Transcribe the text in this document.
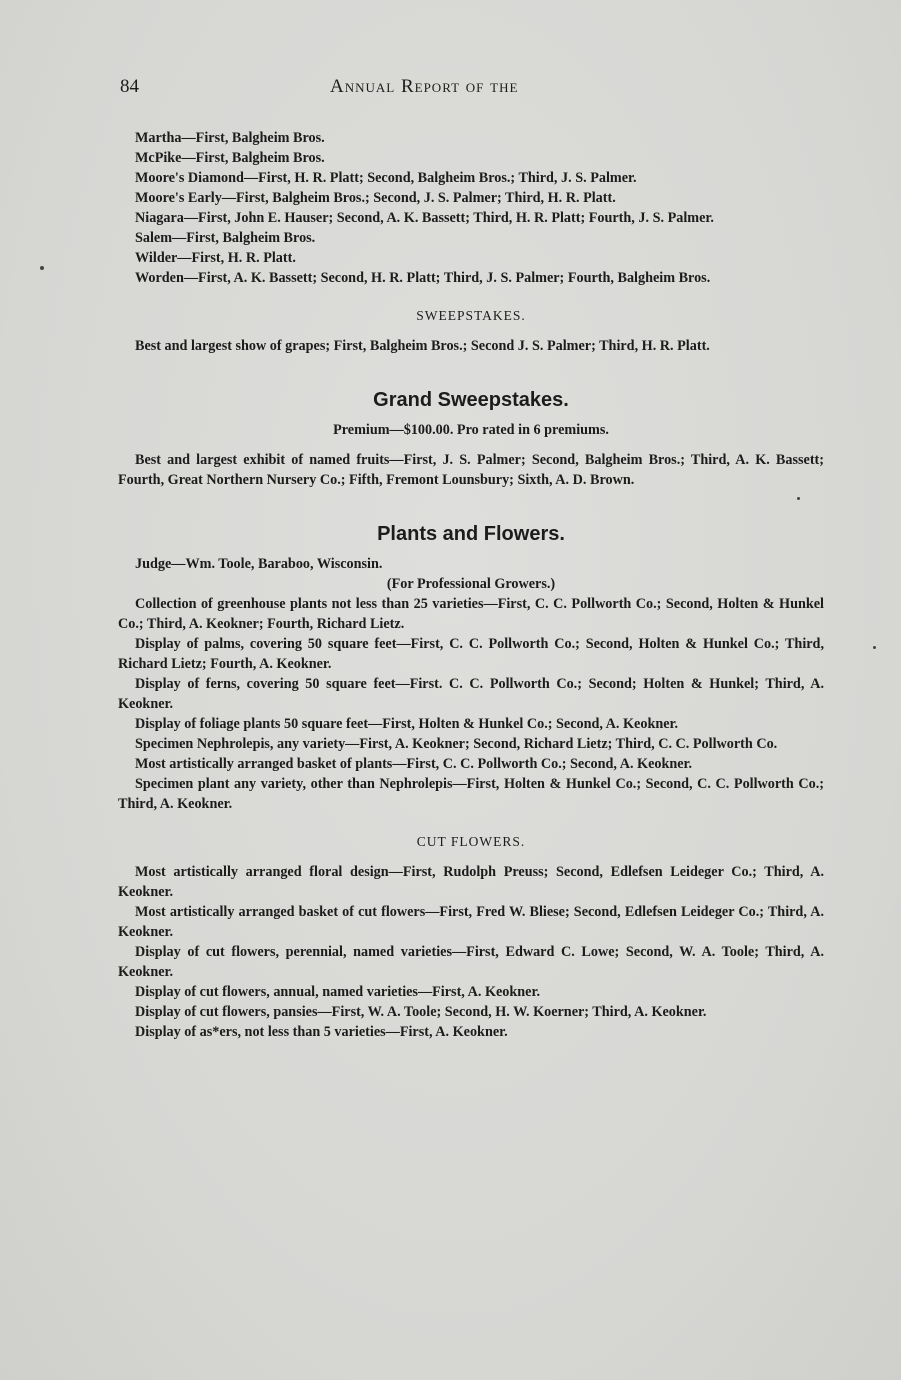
84	Annual Report of the

Martha—First, Balgheim Bros.

McPike—First, Balgheim Bros.

Moore's Diamond—First, H. R. Platt; Second, Balgheim Bros.; Third, J. S. Palmer.

Moore's Early—First, Balgheim Bros.; Second, J. S. Palmer; Third, H. R. Platt.

Niagara—First, John E. Hauser; Second, A. K. Bassett; Third, H. R. Platt; Fourth, J. S. Palmer.

Salem—First, Balgheim Bros.

Wilder—First, H. R. Platt.

Worden—First, A. K. Bassett; Second, H. R. Platt; Third, J. S. Palmer; Fourth, Balgheim Bros.

SWEEPSTAKES.

Best and largest show of grapes; First, Balgheim Bros.; Second J. S. Palmer; Third, H. R. Platt.

Grand Sweepstakes.

Premium—$100.00. Pro rated in 6 premiums.

Best and largest exhibit of named fruits—First, J. S. Palmer; Second, Balgheim Bros.; Third, A. K. Bassett; Fourth, Great Northern Nursery Co.; Fifth, Fremont Lounsbury; Sixth, A. D. Brown.

Plants and Flowers.

Judge—Wm. Toole, Baraboo, Wisconsin.

(For Professional Growers.)

Collection of greenhouse plants not less than 25 varieties—First, C. C. Pollworth Co.; Second, Holten & Hunkel Co.; Third, A. Keokner; Fourth, Richard Lietz.

Display of palms, covering 50 square feet—First, C. C. Pollworth Co.; Second, Holten & Hunkel Co.; Third, Richard Lietz; Fourth, A. Keokner.

Display of ferns, covering 50 square feet—First. C. C. Pollworth Co.; Second; Holten & Hunkel; Third, A. Keokner.

Display of foliage plants 50 square feet—First, Holten & Hunkel Co.; Second, A. Keokner.

Specimen Nephrolepis, any variety—First, A. Keokner; Second, Richard Lietz; Third, C. C. Pollworth Co.

Most artistically arranged basket of plants—First, C. C. Pollworth Co.; Second, A. Keokner.

Specimen plant any variety, other than Nephrolepis—First, Holten & Hunkel Co.; Second, C. C. Pollworth Co.; Third, A. Keokner.

CUT FLOWERS.

Most artistically arranged floral design—First, Rudolph Preuss; Second, Edlefsen Leideger Co.; Third, A. Keokner.

Most artistically arranged basket of cut flowers—First, Fred W. Bliese; Second, Edlefsen Leideger Co.; Third, A. Keokner.

Display of cut flowers, perennial, named varieties—First, Edward C. Lowe; Second, W. A. Toole; Third, A. Keokner.

Display of cut flowers, annual, named varieties—First, A. Keokner.

Display of cut flowers, pansies—First, W. A. Toole; Second, H. W. Koerner; Third, A. Keokner.

Display of as*ers, not less than 5 varieties—First, A. Keokner.
